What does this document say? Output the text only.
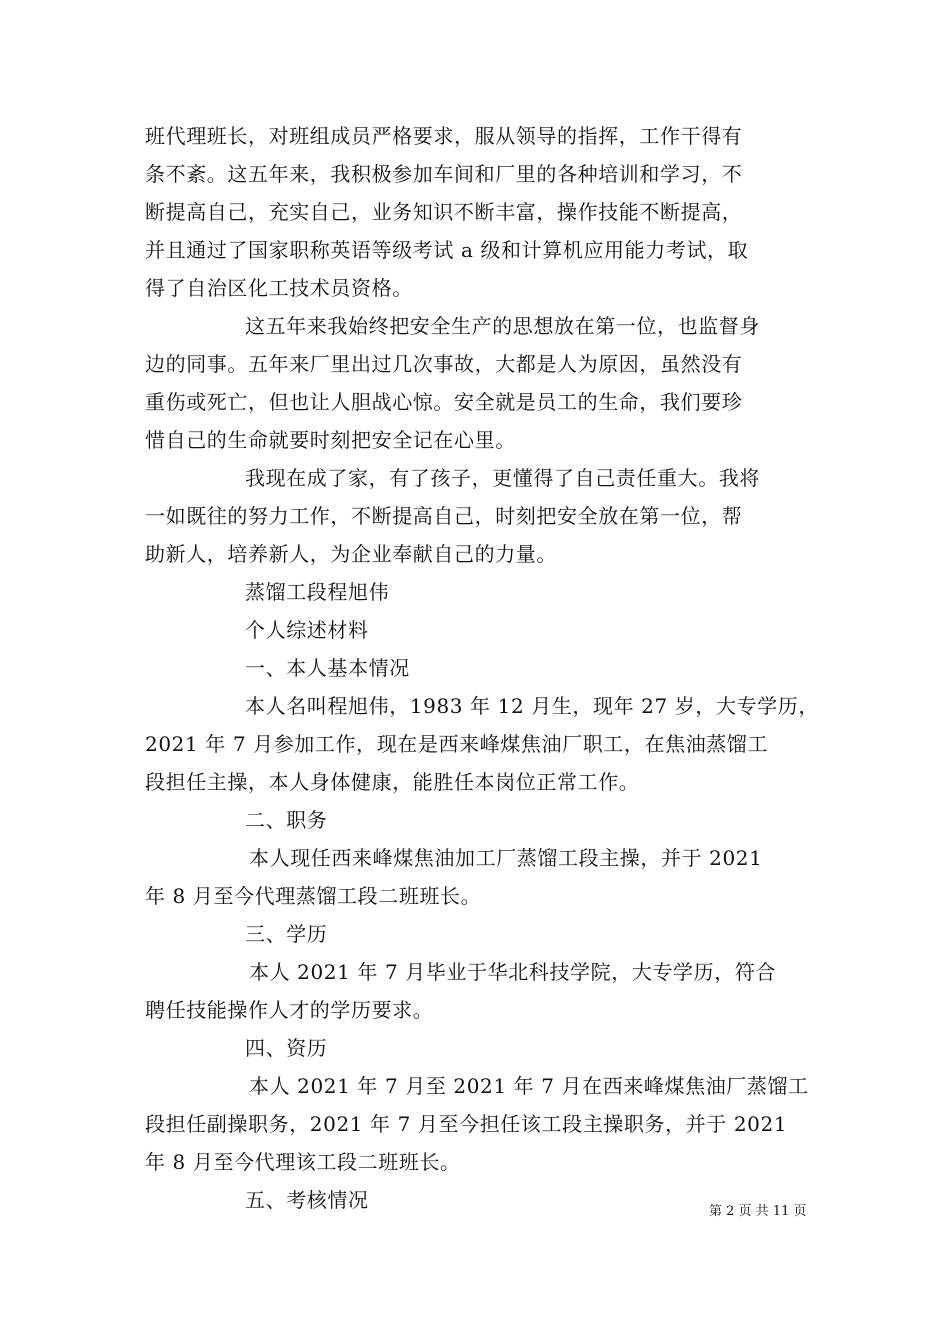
班代理班长，对班组成员严格要求，服从领导的指挥，工作干得有
条不紊。这五年来，我积极参加车间和厂里的各种培训和学习，不
断提高自己，充实自己，业务知识不断丰富，操作技能不断提高，
并且通过了国家职称英语等级考试 a 级和计算机应用能力考试，取
得了自治区化工技术员资格。
这五年来我始终把安全生产的思想放在第一位，也监督身
边的同事。五年来厂里出过几次事故，大都是人为原因，虽然没有
重伤或死亡，但也让人胆战心惊。安全就是员工的生命，我们要珍
惜自己的生命就要时刻把安全记在心里。
我现在成了家，有了孩子，更懂得了自己责任重大。我将
一如既往的努力工作，不断提高自己，时刻把安全放在第一位，帮
助新人，培养新人，为企业奉献自己的力量。
蒸馏工段程旭伟
个人综述材料
一、本人基本情况
本人名叫程旭伟，1983 年 12 月生，现年 27 岁，大专学历，
2021 年 7 月参加工作，现在是西来峰煤焦油厂职工，在焦油蒸馏工
段担任主操，本人身体健康，能胜任本岗位正常工作。
二、职务
本人现任西来峰煤焦油加工厂蒸馏工段主操，并于 2021
年 8 月至今代理蒸馏工段二班班长。
三、学历
本人 2021 年 7 月毕业于华北科技学院，大专学历，符合
聘任技能操作人才的学历要求。
四、资历
本人 2021 年 7 月至 2021 年 7 月在西来峰煤焦油厂蒸馏工
段担任副操职务，2021 年 7 月至今担任该工段主操职务，并于 2021
年 8 月至今代理该工段二班班长。
五、考核情况	第 2 页 共 11 页
